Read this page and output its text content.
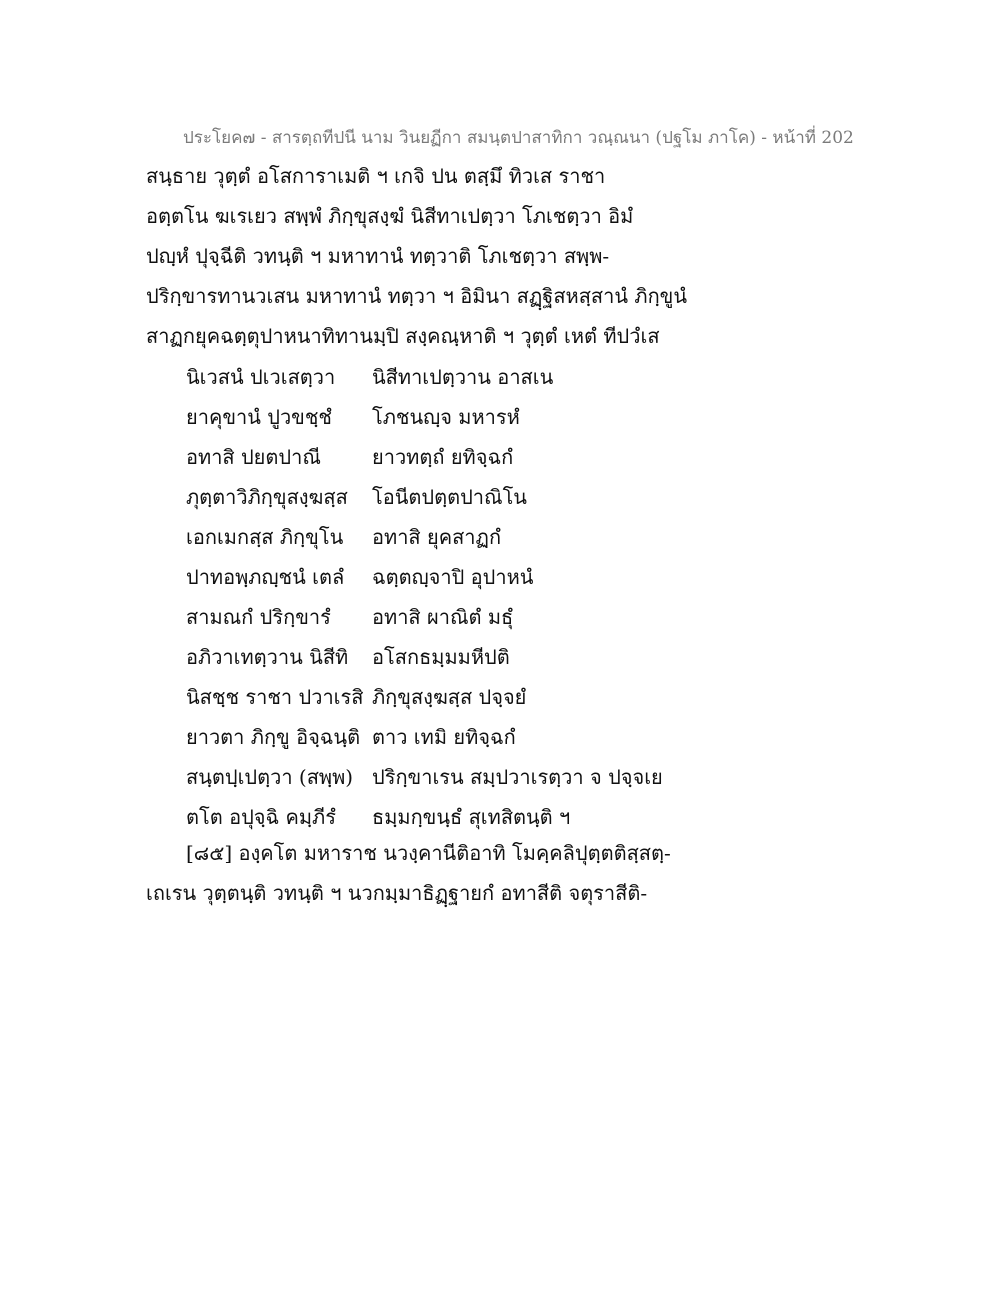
ประโยค๗ - สารตฺถทีปนี นาม วินยฏีกา สมนฺตปาสาทิกา วณฺณนา (ปฐโม ภาโค) - หน้าที่ 202
สนฺธาย วุตฺตํ อโสการาเมติ ฯ เกจิ ปน ตสฺมึ ทิวเส ราชา
อตฺตโน ฆเรเยว สพฺพํ ภิกฺขุสงฺฆํ นิสีทาเปตฺวา โภเชตฺวา อิมํ
ปญฺหํ ปุจฺฉีติ วทนฺติ ฯ มหาทานํ ทตฺวาติ โภเชตฺวา สพฺพ-
ปริกฺขารทานวเสน มหาทานํ ทตฺวา ฯ อิมินา สฏฺฐิสหสฺสานํ ภิกฺขูนํ
สาฏกยุคฉตฺตุปาหนาทิทานมฺปิ สงฺคณฺหาติ ฯ วุตฺตํ เหตํ ทีปวํเส
นิเวสนํ ปเวเสตฺวา นิสีทาเปตฺวาน อาสเน
ยาคุขานํ ปูวขชฺชํ โภชนญฺจ มหารหํ
อทาสิ ปยตปาณี	ยาวทตฺถํ ยทิจฺฉกํ
ภุตฺตาวิภิกฺขุสงฺฆสฺส โอนีตปตฺตปาณิโน
เอกเมกสฺส ภิกฺขุโน อทาสิ ยุคสาฏกํ
ปาทอพฺภญฺชนํ เตลํ ฉตฺตญฺจาปิ อุปาหนํ
สามณกํ ปริกฺขารํ อทาสิ ผาณิตํ มธุํ
อภิวาเทตฺวาน นิสีทิ อโสกธมฺมมหีปติ
นิสชฺช ราชา ปวาเรสิ ภิกฺขุสงฺฆสฺส ปจฺจยํ
ยาวตา ภิกฺขู อิจฺฉนฺติ ตาว เทมิ ยทิจฺฉกํ
สนฺตปฺเปตฺวา (สพฺพ) ปริกฺขาเรน สมฺปวาเรตฺวา จ ปจฺจเย
ตโต อปุจฺฉิ คมฺภีรํ ธมฺมกฺขนฺธํ สุเทสิตนฺติ ฯ
[๘๕] องฺคโต มหาราช นวงฺคานีติอาทิ โมคฺคลิปุตฺตติสฺสตฺ-
เถเรน วุตฺตนฺติ วทนฺติ ฯ นวกมฺมาธิฏฺฐายกํ อทาสีติ จตุราสีติ-
